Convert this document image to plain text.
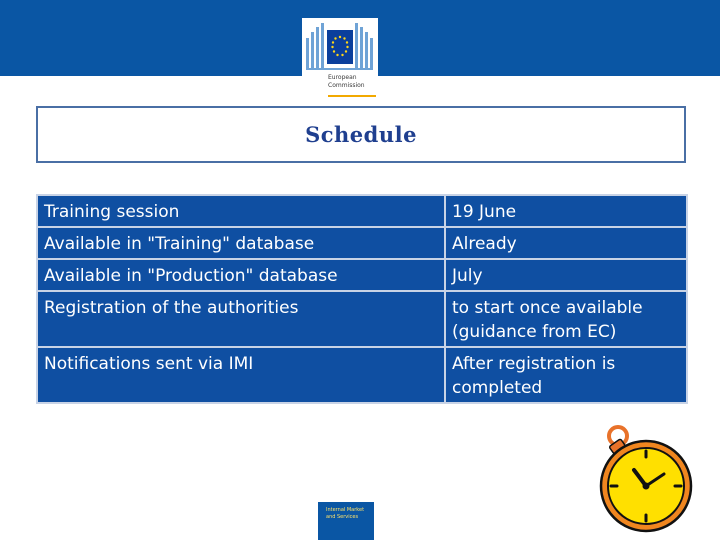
European
Commission
Schedule
Training session	19 June
Available in "Training" database	Already
Available in "Production" database	July
Registration of the authorities	to start once available (guidance from EC)
Notifications sent via IMI	After registration is completed
Internal Market and Services
